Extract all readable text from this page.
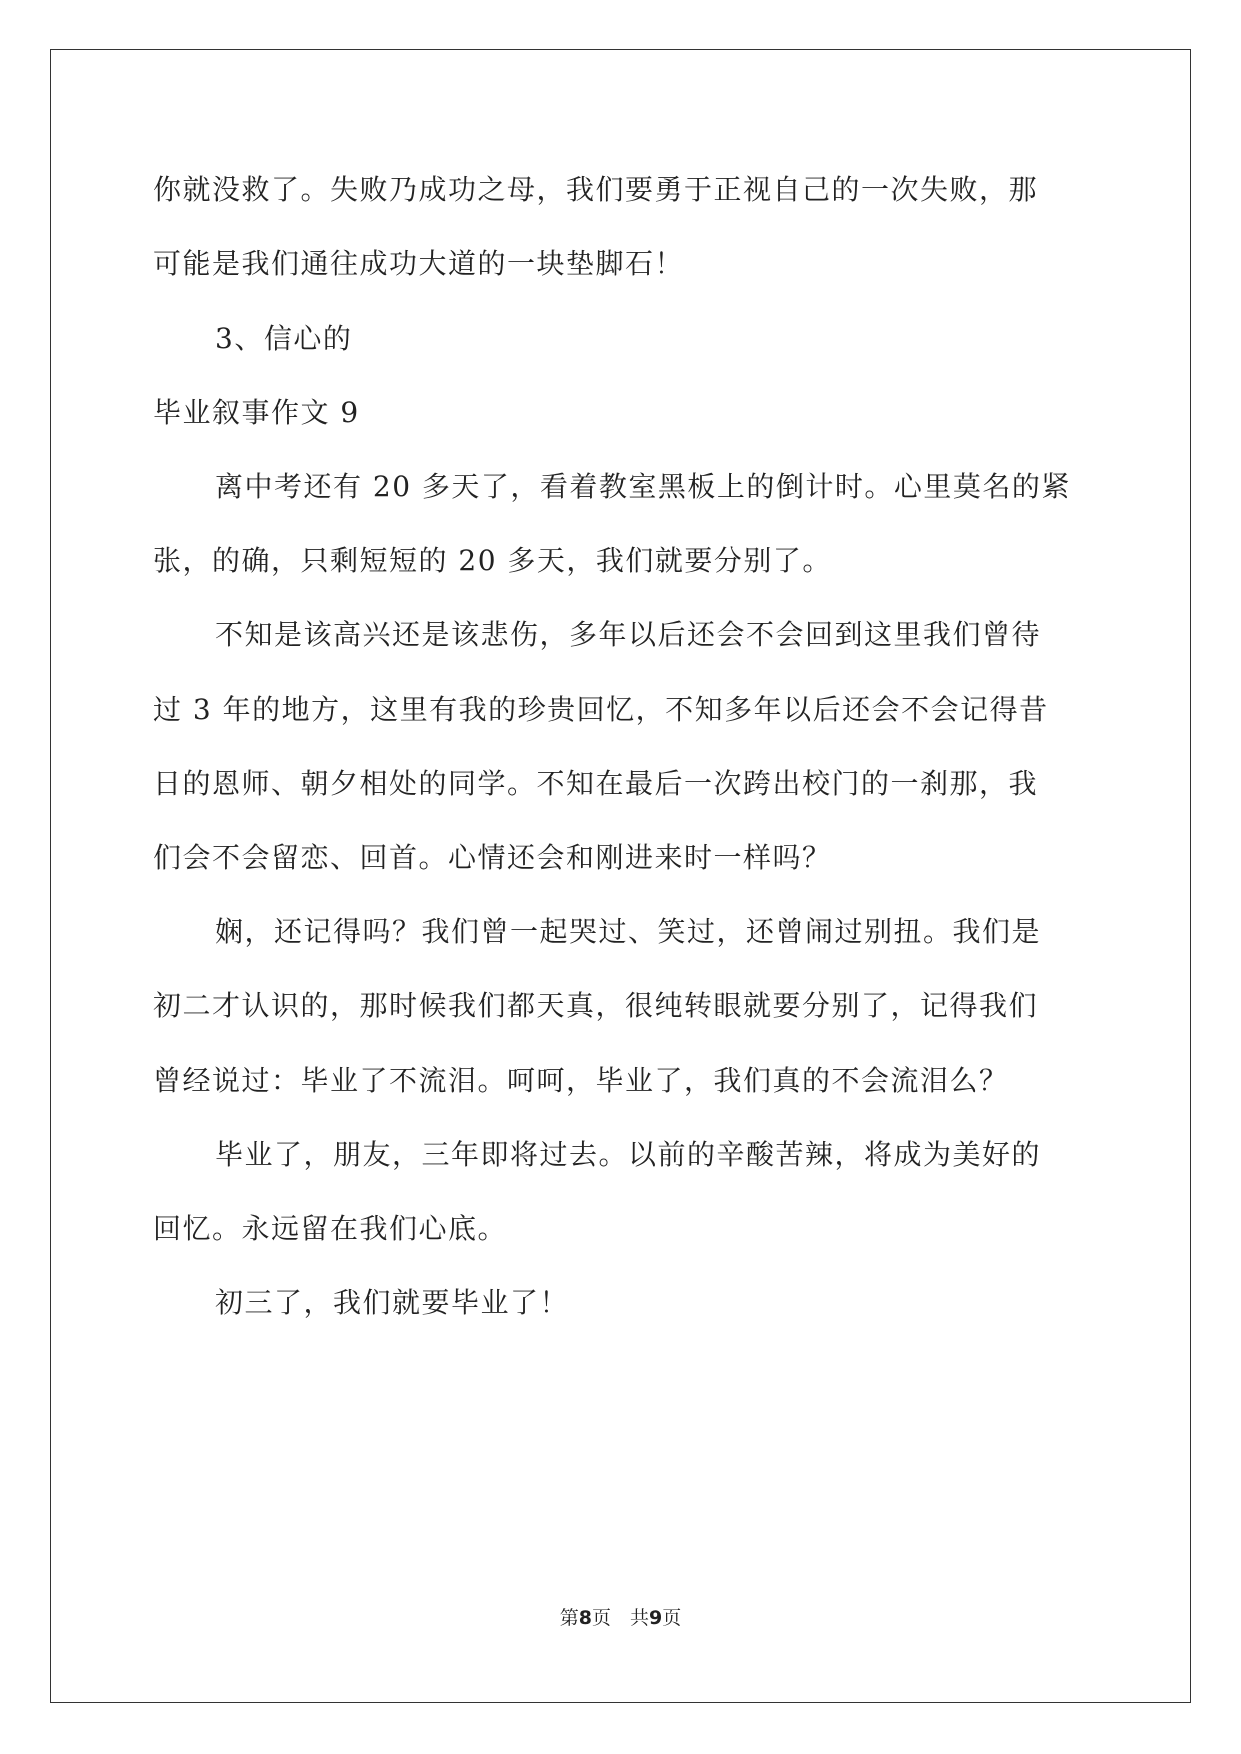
你就没救了。失败乃成功之母，我们要勇于正视自己的一次失败，那
可能是我们通往成功大道的一块垫脚石！
3、信心的
毕业叙事作文 9
离中考还有 20 多天了，看着教室黑板上的倒计时。心里莫名的紧
张，的确，只剩短短的 20 多天，我们就要分别了。
不知是该高兴还是该悲伤，多年以后还会不会回到这里我们曾待
过 3 年的地方，这里有我的珍贵回忆，不知多年以后还会不会记得昔
日的恩师、朝夕相处的同学。不知在最后一次跨出校门的一刹那，我
们会不会留恋、回首。心情还会和刚进来时一样吗？
娴，还记得吗？我们曾一起哭过、笑过，还曾闹过别扭。我们是
初二才认识的，那时候我们都天真，很纯转眼就要分别了，记得我们
曾经说过：毕业了不流泪。呵呵，毕业了，我们真的不会流泪么？
毕业了，朋友，三年即将过去。以前的辛酸苦辣，将成为美好的
回忆。永远留在我们心底。
初三了，我们就要毕业了！
第8页　共9页
